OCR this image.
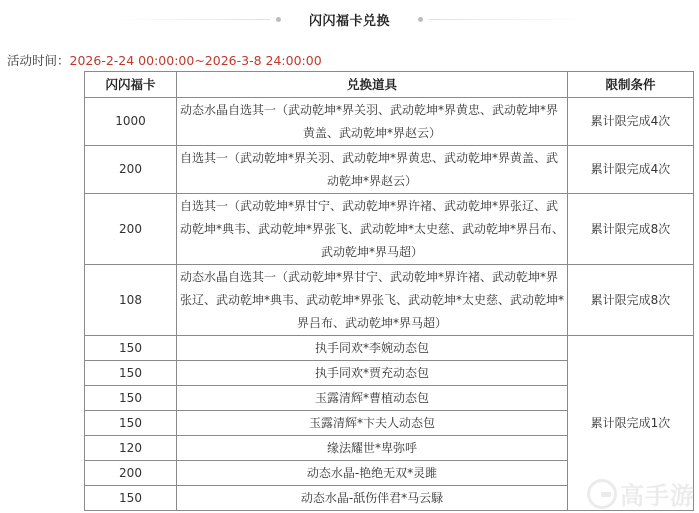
闪闪福卡兑换
活动时间：2026-2-24 00:00:00~2026-3-8 24:00:00
闪闪福卡	兑换道具	限制条件
1000	动态水晶自选其一（武动乾坤*界关羽、武动乾坤*界黄忠、武动乾坤*界黄盖、武动乾坤*界赵云）	累计限完成4次
200	自选其一（武动乾坤*界关羽、武动乾坤*界黄忠、武动乾坤*界黄盖、武动乾坤*界赵云）	累计限完成4次
200	自选其一（武动乾坤*界甘宁、武动乾坤*界许褚、武动乾坤*界张辽、武动乾坤*典韦、武动乾坤*界张飞、武动乾坤*太史慈、武动乾坤*界吕布、武动乾坤*界马超）	累计限完成8次
108	动态水晶自选其一（武动乾坤*界甘宁、武动乾坤*界许褚、武动乾坤*界张辽、武动乾坤*典韦、武动乾坤*界张飞、武动乾坤*太史慈、武动乾坤*界吕布、武动乾坤*界马超）	累计限完成8次
150	执手同欢*李婉动态包	累计限完成1次
150	执手同欢*贾充动态包	
150	玉露清辉*曹植动态包	
150	玉露清辉*卞夫人动态包	
120	缘法耀世*卑弥呼	
200	动态水晶-艳绝无双*灵雎	
150	动态水晶-舐伤伴君*马云騄		高手游
